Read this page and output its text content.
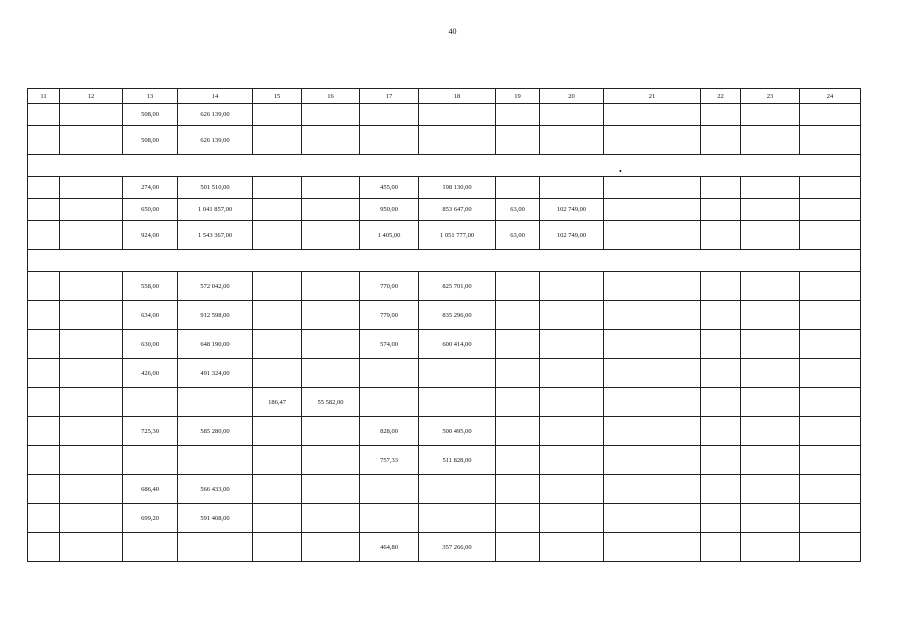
40
•
11	12	13	14	15	16	17	18	19	20	21	22	23	24
		508,00	626 139,00										
		508,00	626 139,00										

		274,00	501 510,00			455,00	198 130,00						
		650,00	1 041 857,00			950,00	853 647,00	63,00	102 749,00				
		924,00	1 543 367,00			1 405,00	1 051 777,00	63,00	102 749,00				

		558,00	572 042,00			770,00	825 701,00						
		634,00	912 598,00			779,00	835 296,00						
		630,00	648 190,00			574,00	600 414,00						
		426,00	491 324,00										
				186,47	55 582,00								
		725,30	585 280,00			828,00	500 495,00						
						757,33	511 828,00						
		686,40	566 433,00										
		699,20	591 408,00										
						464,80	357 266,00						
